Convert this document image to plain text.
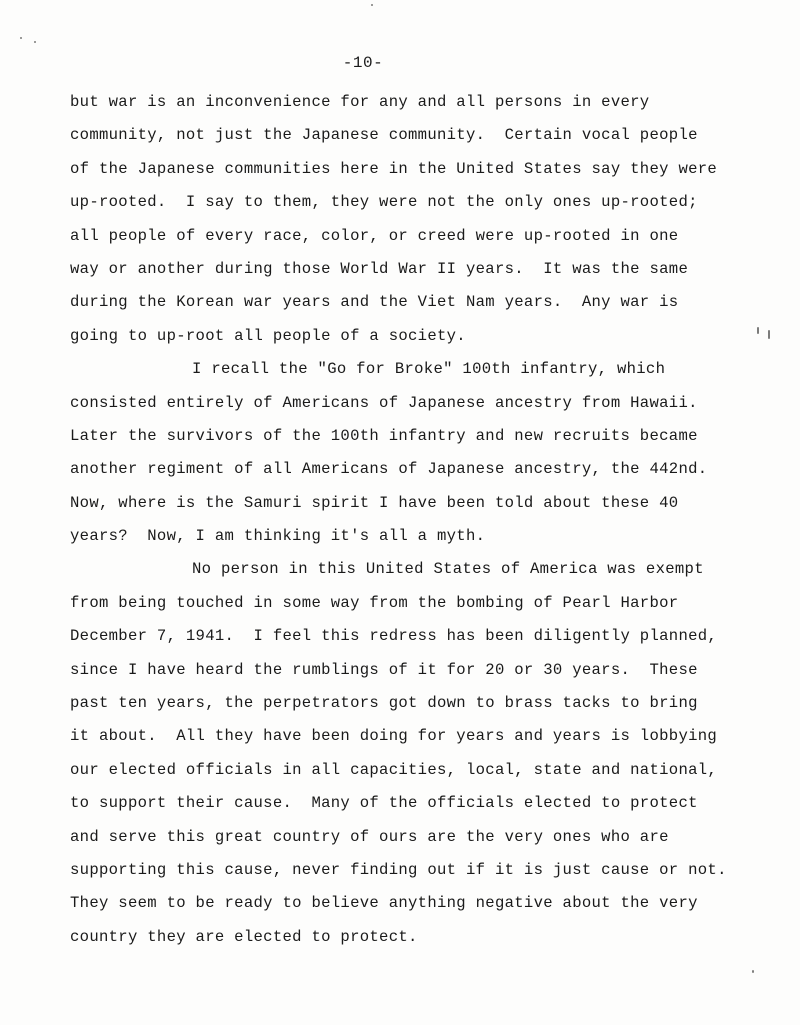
-10-
but war is an inconvenience for any and all persons in every
community, not just the Japanese community.  Certain vocal people
of the Japanese communities here in the United States say they were
up-rooted.  I say to them, they were not the only ones up-rooted;
all people of every race, color, or creed were up-rooted in one
way or another during those World War II years.  It was the same
during the Korean war years and the Viet Nam years.  Any war is
going to up-root all people of a society.
I recall the "Go for Broke" 100th infantry, which
consisted entirely of Americans of Japanese ancestry from Hawaii.
Later the survivors of the 100th infantry and new recruits became
another regiment of all Americans of Japanese ancestry, the 442nd.
Now, where is the Samuri spirit I have been told about these 40
years?  Now, I am thinking it's all a myth.
No person in this United States of America was exempt
from being touched in some way from the bombing of Pearl Harbor
December 7, 1941.  I feel this redress has been diligently planned,
since I have heard the rumblings of it for 20 or 30 years.  These
past ten years, the perpetrators got down to brass tacks to bring
it about.  All they have been doing for years and years is lobbying
our elected officials in all capacities, local, state and national,
to support their cause.  Many of the officials elected to protect
and serve this great country of ours are the very ones who are
supporting this cause, never finding out if it is just cause or not.
They seem to be ready to believe anything negative about the very
country they are elected to protect.
